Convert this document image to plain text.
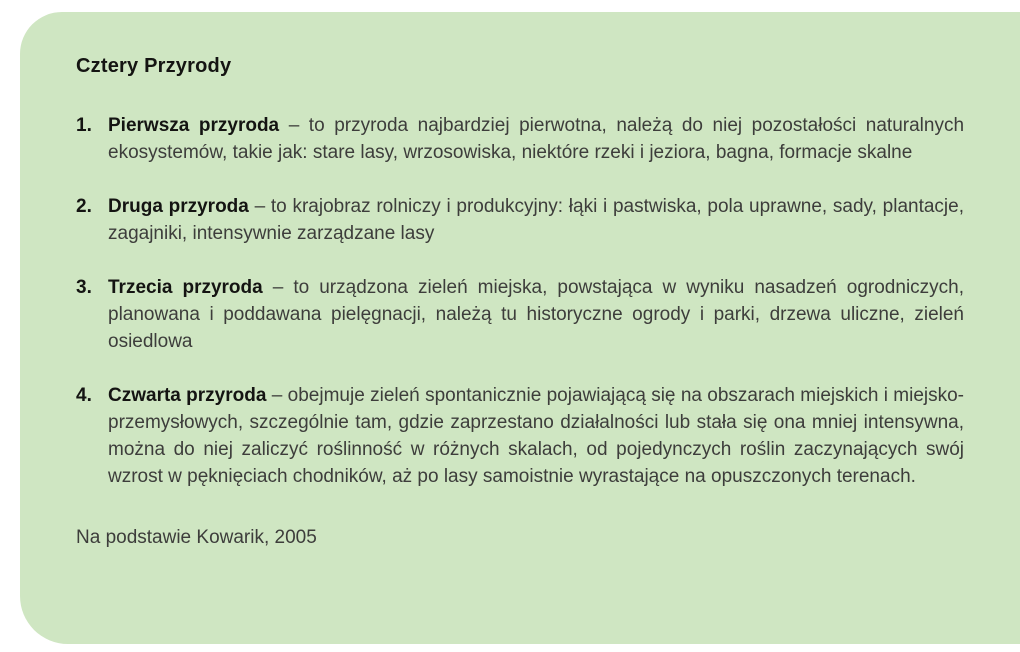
Cztery Przyrody
1. Pierwsza przyroda – to przyroda najbardziej pierwotna, należą do niej pozostałości naturalnych ekosystemów, takie jak: stare lasy, wrzosowiska, niektóre rzeki i jeziora, bagna, formacje skalne
2. Druga przyroda – to krajobraz rolniczy i produkcyjny: łąki i pastwiska, pola uprawne, sady, plantacje, zagajniki, intensywnie zarządzane lasy
3. Trzecia przyroda – to urządzona zieleń miejska, powstająca w wyniku nasadzeń ogrodniczych, planowana i poddawana pielęgnacji, należą tu historyczne ogrody i parki, drzewa uliczne, zieleń osiedlowa
4. Czwarta przyroda – obejmuje zieleń spontanicznie pojawiającą się na obszarach miejskich i miejsko-przemysłowych, szczególnie tam, gdzie zaprzestano działalności lub stała się ona mniej intensywna, można do niej zaliczyć roślinność w różnych skalach, od pojedynczych roślin zaczynających swój wzrost w pęknięciach chodników, aż po lasy samoistnie wyrastające na opuszczonych terenach.

Na podstawie Kowarik, 2005
